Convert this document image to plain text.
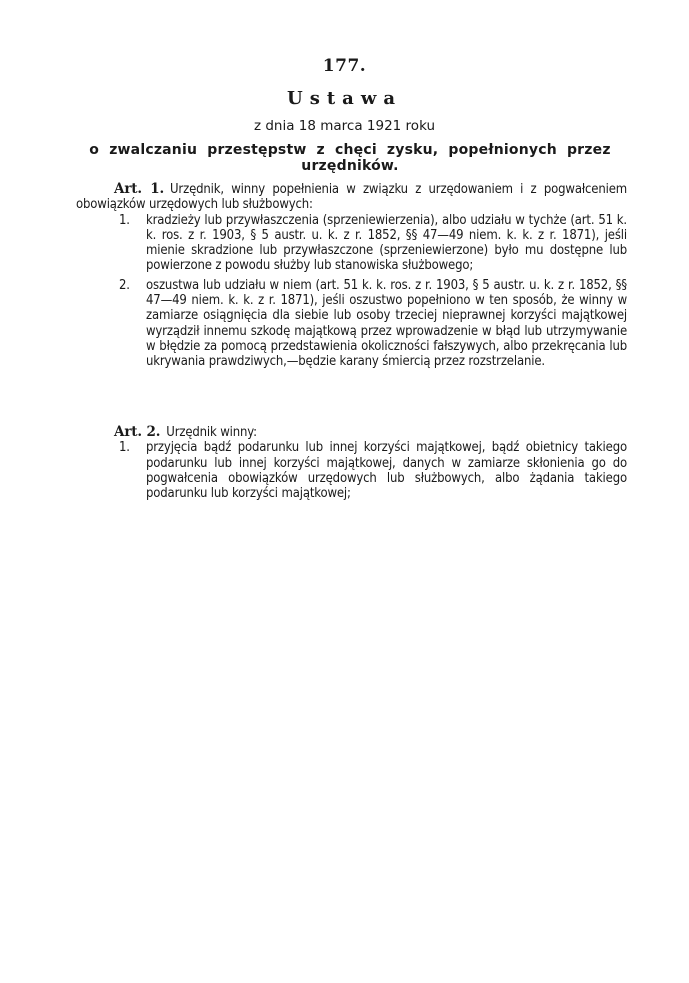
177.
Ustawa
z dnia 18 marca 1921 roku
o zwalczaniu przestępstw z chęci zysku, popełnionych przez urzędników.
Art. 1. Urzędnik, winny popełnienia w związku z urzędowaniem i z pogwałceniem obowiązków urzędowych lub służbowych:
1. kradzieży lub przywłaszczenia (sprzeniewierzenia), albo udziału w tychże (art. 51 k. k. ros. z r. 1903, § 5 austr. u. k. z r. 1852, §§ 47—49 niem. k. k. z r. 1871), jeśli mienie skradzione lub przywłaszczone (sprzeniewierzone) było mu dostępne lub powierzone z powodu służby lub stanowiska służbowego;
2. oszustwa lub udziału w niem (art. 51 k. k. ros. z r. 1903, § 5 austr. u. k. z r. 1852, §§ 47—49 niem. k. k. z r. 1871), jeśli oszustwo popełniono w ten sposób, że winny w zamiarze osiągnięcia dla siebie lub osoby trzeciej nieprawnej korzyści majątkowej wyrządził innemu szkodę majątkową przez wprowadzenie w błąd lub utrzymywanie w błędzie za pomocą przedstawienia okoliczności fałszywych, albo przekręcania lub ukrywania prawdziwych,—będzie karany śmiercią przez rozstrzelanie.
Art. 2. Urzędnik winny:
1. przyjęcia bądź podarunku lub innej korzyści majątkowej, bądź obietnicy takiego podarunku lub innej korzyści majątkowej, danych w zamiarze skłonienia go do pogwałcenia obowiązków urzędowych lub służbowych, albo żądania takiego podarunku lub korzyści majątkowej;
